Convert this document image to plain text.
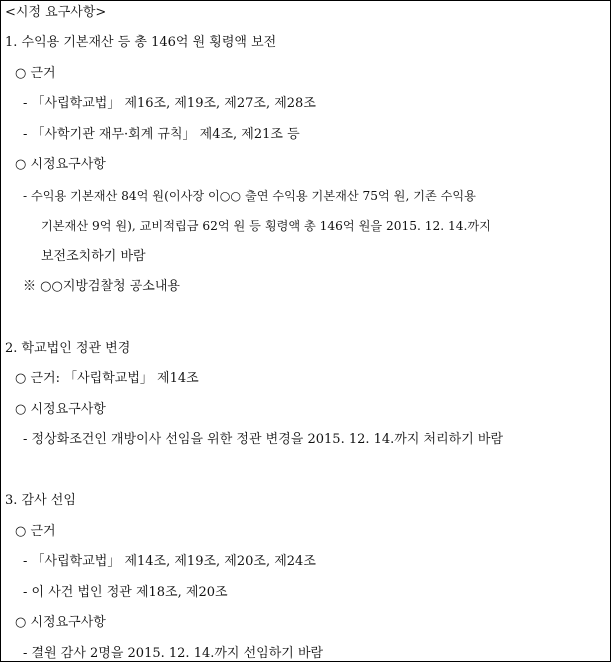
<시정 요구사항>
1. 수익용 기본재산 등 총 146억 원 횡령액 보전
○ 근거
- 「사립학교법」 제16조, 제19조, 제27조, 제28조
- 「사학기관 재무·회계 규칙」 제4조, 제21조 등
○ 시정요구사항
- 수익용 기본재산 84억 원(이사장 이○○ 출연 수익용 기본재산 75억 원, 기존 수익용
기본재산 9억 원), 교비적립금 62억 원 등 횡령액 총 146억 원을 2015. 12. 14.까지
보전조치하기 바람
※ ○○지방검찰청 공소내용
2. 학교법인 정관 변경
○ 근거: 「사립학교법」 제14조
○ 시정요구사항
- 정상화조건인 개방이사 선임을 위한 정관 변경을 2015. 12. 14.까지 처리하기 바람
3. 감사 선임
○ 근거
- 「사립학교법」 제14조, 제19조, 제20조, 제24조
- 이 사건 법인 정관 제18조, 제20조
○ 시정요구사항
- 결원 감사 2명을 2015. 12. 14.까지 선임하기 바람
